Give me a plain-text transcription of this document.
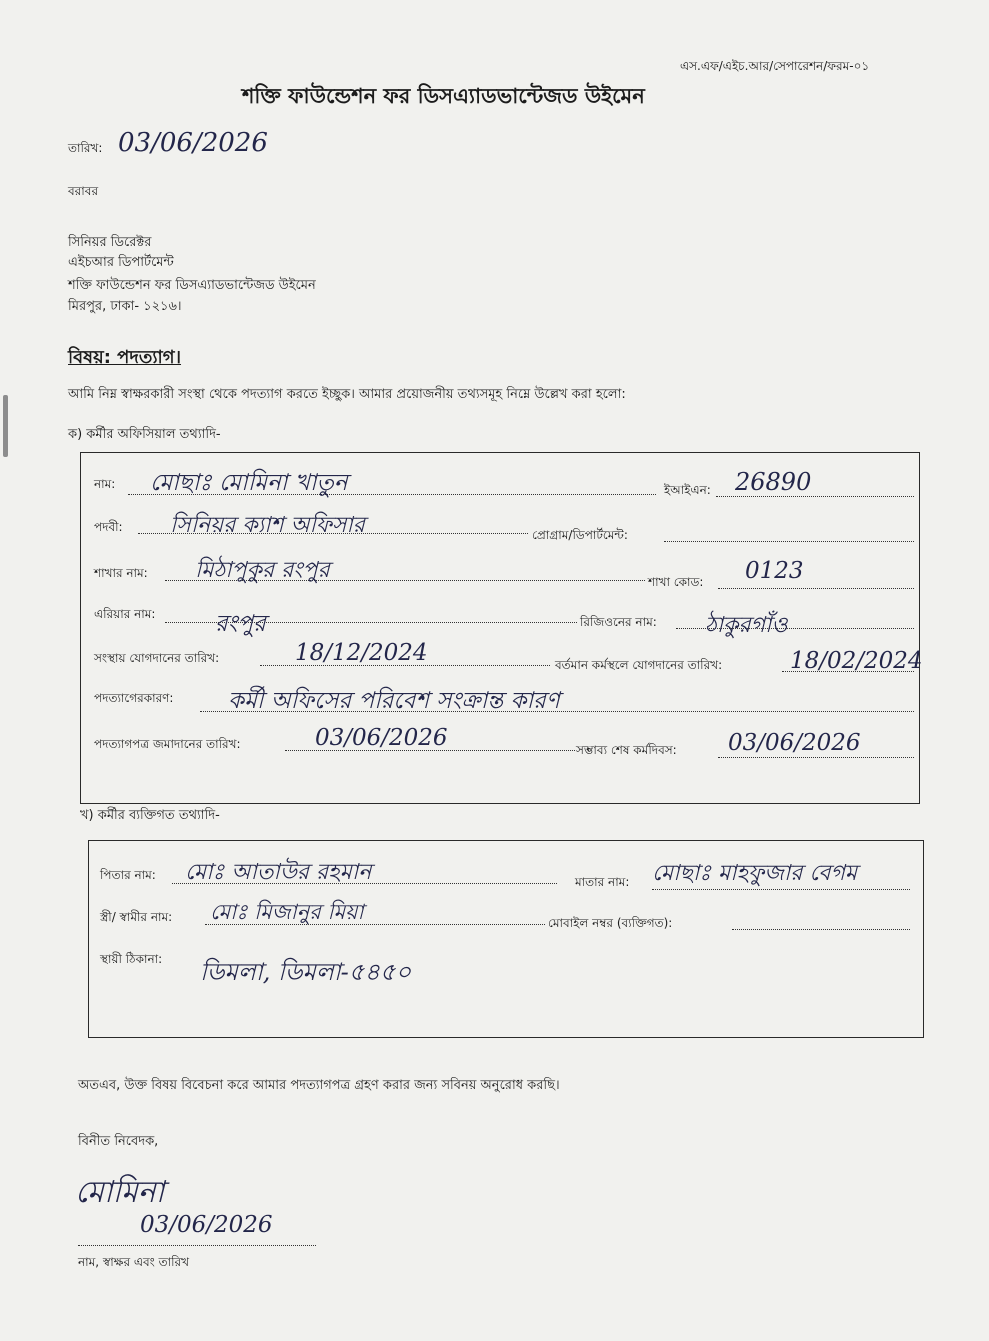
এস.এফ/এইচ.আর/সেপারেশন/ফরম-০১
শক্তি ফাউন্ডেশন ফর ডিসএ্যাডভান্টেজড উইমেন
তারিখ: 03/06/2026
বরাবর
সিনিয়র ডিরেক্টর
এইচআর ডিপার্টমেন্ট
শক্তি ফাউন্ডেশন ফর ডিসএ্যাডভান্টেজড উইমেন
মিরপুর, ঢাকা- ১২১৬।
বিষয়: পদত্যাগ।
আমি নিম্ন স্বাক্ষরকারী সংস্থা থেকে পদত্যাগ করতে ইচ্ছুক। আমার প্রয়োজনীয় তথ্যসমূহ নিম্নে উল্লেখ করা হলো:
ক) কর্মীর অফিসিয়াল তথ্যাদি-
নাম: মোছাঃ মোমিনা খাতুন	ইআইএন: 26890
পদবী: সিনিয়র ক্যাশ অফিসার	প্রোগ্রাম/ডিপার্টমেন্ট:
শাখার নাম: মিঠাপুকুর রংপুর	শাখা কোড: 0123
এরিয়ার নাম:	রংপুর	রিজিওনের নাম: ঠাকুরগাঁও
সংস্থায় যোগদানের তারিখ:	18/12/2024	বর্তমান কর্মস্থলে যোগদানের তারিখ:	18/02/2024
পদত্যাগেরকারণ: কর্মী অফিসের পরিবেশ সংক্রান্ত কারণ
পদত্যাগপত্র জমাদানের তারিখ:	03/06/2026	সম্ভাব্য শেষ কর্মদিবস: 03/06/2026
খ) কর্মীর ব্যক্তিগত তথ্যাদি-
পিতার নাম: মোঃ আতাউর রহমান	মাতার নাম: মোছাঃ মাহফুজার বেগম
স্ত্রী/ স্বামীর নাম: মোঃ মিজানুর মিয়া	মোবাইল নম্বর (ব্যক্তিগত):
স্থায়ী ঠিকানা: ডিমলা, ডিমলা-৫৪৫০
অতএব, উক্ত বিষয় বিবেচনা করে আমার পদত্যাগপত্র গ্রহণ করার জন্য সবিনয় অনুরোধ করছি।
বিনীত নিবেদক,
মোমিনা
03/06/2026
নাম, স্বাক্ষর এবং তারিখ
